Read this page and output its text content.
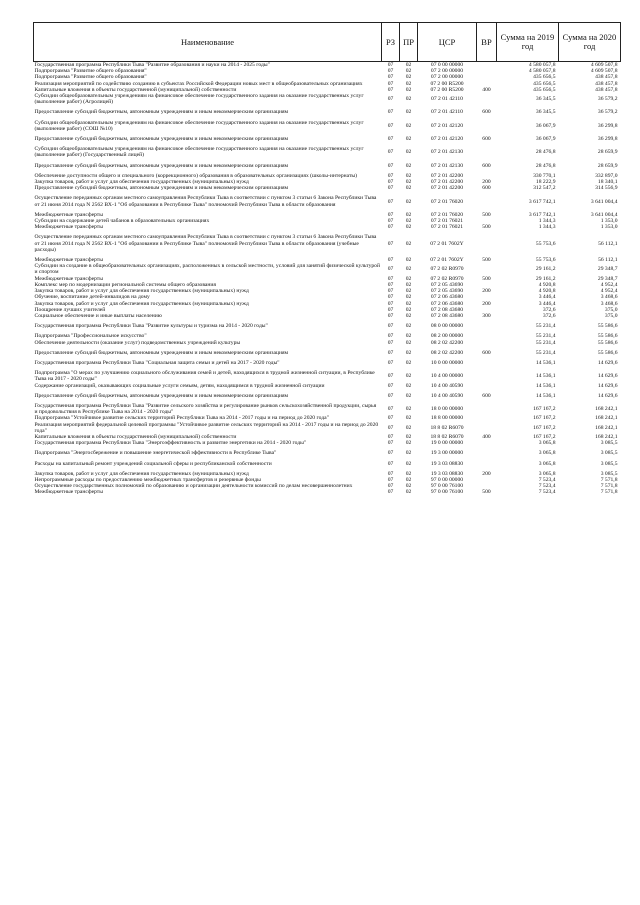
Наименование	РЗ	ПР	ЦСР	ВР	Сумма на 2019 год	Сумма на 2020 год
Государственная программа Республики Тыва "Развитие образования и науки на 2014 - 2025 годы"	07	02	07 0 00 00000		4 580 057,8	4 609 507,8
Подпрограмма "Развитие общего образования"	07	02	07 2 00 00000		4 580 057,8	4 609 507,8
Подпрограмма "Развитие общего образования"	07	02	07 2 00 00000		435 656,5	438 457,8
Реализация мероприятий по содействию созданию в субъектах Российской Федерации новых мест в общеобразовательных организациях	07	02	07 2 00 R5200		435 656,5	438 457,8
Капитальные вложения в объекты государственной (муниципальной) собственности	07	02	07 2 00 R5200	400	435 656,5	438 457,8
Субсидии общеобразовательным учреждениям на финансовое обеспечение государственного задания на оказание государственных услуг (выполнение работ) (Агролицей)	07	02	07 2 01 42110		36 345,5	36 579,2

Предоставление субсидий бюджетным, автономным учреждениям и иным некоммерческим организациям	07	02	07 2 01 42110	600	36 345,5	36 579,2

Субсидии общеобразовательным учреждениям на финансовое обеспечение государственного задания на оказание государственных услуг (выполнение работ) (СОШ №10)	07	02	07 2 01 42120		36 067,9	36 299,8

Предоставление субсидий бюджетным, автономным учреждениям и иным некоммерческим организациям	07	02	07 2 01 42120	600	36 067,9	36 299,8

Субсидии общеобразовательным учреждениям на финансовое обеспечение государственного задания на оказание государственных услуг (выполнение работ) (Государственный лицей)	07	02	07 2 01 42130		28 476,8	28 659,9

Предоставление субсидий бюджетным, автономным учреждениям и иным некоммерческим организациям	07	02	07 2 01 42130	600	28 476,8	28 659,9

Обеспечение доступности общего и специального (коррекционного) образования в образовательных организациях (школы-интернаты)	07	02	07 2 01 42200		330 770,1	332 897,0
Закупка товаров, работ и услуг для обеспечения государственных (муниципальных) нужд	07	02	07 2 01 42200	200	18 222,9	18 340,1
Предоставление субсидий бюджетным, автономным учреждениям и иным некоммерческим организациям	07	02	07 2 01 42200	600	312 547,2	314 556,9

Осуществление переданных органам местного самоуправления Республики Тыва в соответствии с пунктом 3 статьи 6 Закона Республики Тыва от 21 июня 2014 года N 2562 ВХ-1 "Об образовании в Республике Тыва" полномочий Республики Тыва в области образования	07	02	07 2 01 76020		3 617 742,1	3 641 004,4

Межбюджетные трансферты	07	02	07 2 01 76020	500	3 617 742,1	3 641 004,4
Субсидии на содержание детей чабанов в образовательных организациях	07	02	07 2 01 76021		1 344,3	1 353,0
Межбюджетные трансферты	07	02	07 2 01 76021	500	1 344,3	1 353,0

Осуществление переданных органам местного самоуправления Республики Тыва в соответствии с пунктом 3 статьи 6 Закона Республики Тыва от 21 июня 2014 года N 2562 ВХ-1 "Об образовании в Республике Тыва" полномочий Республики Тыва в области образования (учебные расходы)	07	02	07 2 01 7602Y		55 753,6	56 112,1

Межбюджетные трансферты	07	02	07 2 01 7602Y	500	55 753,6	56 112,1
Субсидии на создание в общеобразовательных организациях, расположенных в сельской местности, условий для занятий физической культурой и спортом	07	02	07 2 02 R0970		29 161,2	29 348,7
Межбюджетные трансферты	07	02	07 2 02 R0970	500	29 161,2	29 348,7
Комплекс мер по модернизации региональной системы общего образования	07	02	07 2 05 43690		4 920,8	4 952,4
Закупка товаров, работ и услуг для обеспечения государственных (муниципальных) нужд	07	02	07 2 05 43690	200	4 920,8	4 952,4
Обучение, воспитание детей-инвалидов на дому	07	02	07 2 06 43680		3 446,4	3 468,6
Закупка товаров, работ и услуг для обеспечения государственных (муниципальных) нужд	07	02	07 2 06 43680	200	3 446,4	3 468,6
Поощрение лучших учителей	07	02	07 2 08 43680		372,6	375,0
Социальное обеспечение и иные выплаты населению	07	02	07 2 08 43680	300	372,6	375,0

Государственная программа Республики Тыва "Развитие культуры и туризма на 2014 - 2020 годы"	07	02	08 0 00 00000		55 231,4	55 586,6

Подпрограмма "Профессиональное искусство"	07	02	08 2 00 00000		55 231,4	55 586,6
Обеспечение деятельности (оказание услуг) подведомственных учреждений культуры	07	02	08 2 02 42200		55 231,4	55 586,6

Предоставление субсидий бюджетным, автономным учреждениям и иным некоммерческим организациям	07	02	08 2 02 42200	600	55 231,4	55 586,6

Государственная программа Республики Тыва "Социальная защита семьи и детей на 2017 - 2020 годы"	07	02	10 0 00 00000		14 536,1	14 629,6

Подпрограмма "О мерах по улучшению социального обслуживания семей и детей, находящихся в трудной жизненной ситуации, в Республике Тыва на 2017 - 2020 годы"	07	02	10 4 00 00000		14 536,1	14 629,6
Содержание организаций, оказывающих социальные услуги семьям, детям, находящимся в трудной жизненной ситуации	07	02	10 4 00 40590		14 536,1	14 629,6

Предоставление субсидий бюджетным, автономным учреждениям и иным некоммерческим организациям	07	02	10 4 00 40590	600	14 536,1	14 629,6

Государственная программа Республики Тыва "Развитие сельского хозяйства и регулирование рынков сельскохозяйственной продукции, сырья и продовольствия в Республике Тыва на 2014 - 2020 годы"	07	02	18 0 00 00000		167 167,2	168 242,1
Подпрограмма "Устойчивое развитие сельских территорий Республики Тыва на 2014 - 2017 годы и на период до 2020 года"	07	02	18 8 00 00000		167 167,2	168 242,1
Реализация мероприятий федеральной целевой программы "Устойчивое развитие сельских территорий на 2014 - 2017 годы и на период до 2020 года"	07	02	18 8 02 R6070		167 167,2	168 242,1
Капитальные вложения в объекты государственной (муниципальной) собственности	07	02	18 8 02 R6070	400	167 167,2	168 242,1
Государственная программа Республики Тыва "Энергоэффективность и развитие энергетики на 2014 - 2020 годы"	07	02	19 0 00 00000		3 065,8	3 085,5

Подпрограмма "Энергосбережение и повышение энергетической эффективности в Республике Тыва"	07	02	19 3 00 00000		3 065,8	3 085,5

Расходы на капитальный ремонт учреждений социальной сферы и республиканской собственности	07	02	19 3 03 08830		3 065,8	3 085,5

Закупка товаров, работ и услуг для обеспечения государственных (муниципальных) нужд	07	02	19 3 03 08830	200	3 065,8	3 085,5
Непрограммные расходы по предоставлению межбюджетных трансфертов и резервные фонды	07	02	97 0 00 00000		7 523,4	7 571,8
Осуществление государственных полномочий по образованию и организации деятельности комиссий по делам несовершеннолетних	07	02	97 0 00 76100		7 523,4	7 571,8
Межбюджетные трансферты	07	02	97 0 00 76100	500	7 523,4	7 571,8
